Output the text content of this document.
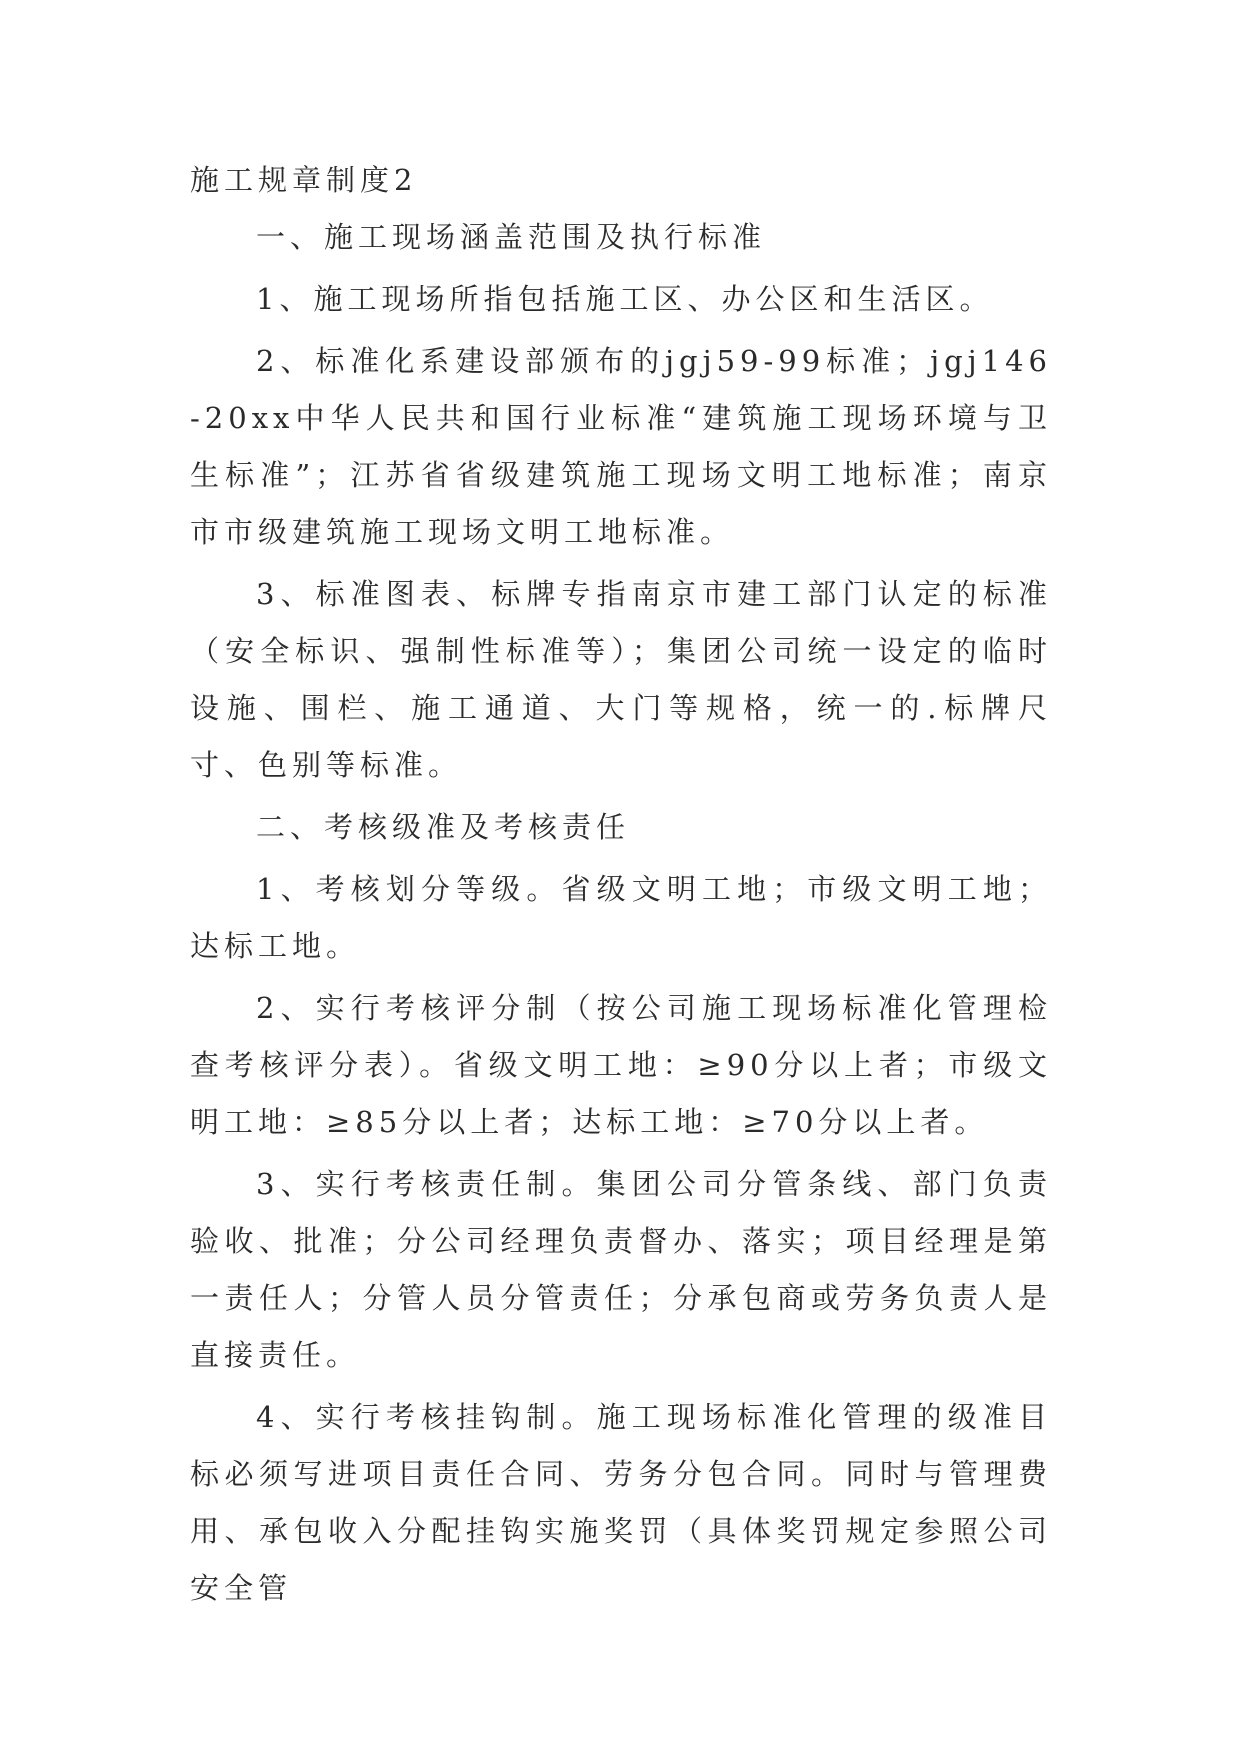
施工规章制度2

一、施工现场涵盖范围及执行标准

1、施工现场所指包括施工区、办公区和生活区。

2、标准化系建设部颁布的jgj59-99标准；jgj146-20xx中华人民共和国行业标准“建筑施工现场环境与卫生标准”；江苏省省级建筑施工现场文明工地标准；南京市市级建筑施工现场文明工地标准。

3、标准图表、标牌专指南京市建工部门认定的标准（安全标识、强制性标准等）；集团公司统一设定的临时设施、围栏、施工通道、大门等规格，统一的.标牌尺寸、色别等标准。

二、考核级准及考核责任

1、考核划分等级。省级文明工地；市级文明工地；达标工地。

2、实行考核评分制（按公司施工现场标准化管理检查考核评分表）。省级文明工地：≥90分以上者；市级文明工地：≥85分以上者；达标工地：≥70分以上者。

3、实行考核责任制。集团公司分管条线、部门负责验收、批准；分公司经理负责督办、落实；项目经理是第一责任人；分管人员分管责任；分承包商或劳务负责人是直接责任。

4、实行考核挂钩制。施工现场标准化管理的级准目标必须写进项目责任合同、劳务分包合同。同时与管理费用、承包收入分配挂钩实施奖罚（具体奖罚规定参照公司安全管
